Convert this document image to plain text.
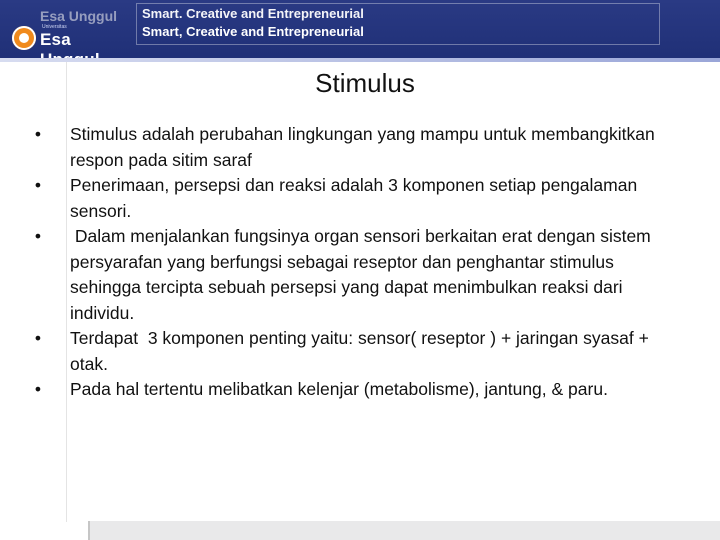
Esa Unggul
Universitas
Esa
Smart. Creative and Entrepreneurial
Smart, Creative and Entrepreneurial
Stimulus
•	Stimulus adalah perubahan lingkungan yang mampu untuk membangkitkan respon pada sitim saraf
•	Penerimaan, persepsi dan reaksi adalah 3 komponen setiap pengalaman sensori.
•	Dalam menjalankan fungsinya organ sensori berkaitan erat dengan sistem persyarafan yang berfungsi sebagai reseptor dan penghantar stimulus sehingga tercipta sebuah persepsi yang dapat menimbulkan reaksi dari individu.
•	Terdapat  3 komponen penting yaitu: sensor( reseptor ) + jaringan syasaf + otak.
•	Pada hal tertentu melibatkan kelenjar (metabolisme), jantung, & paru.
